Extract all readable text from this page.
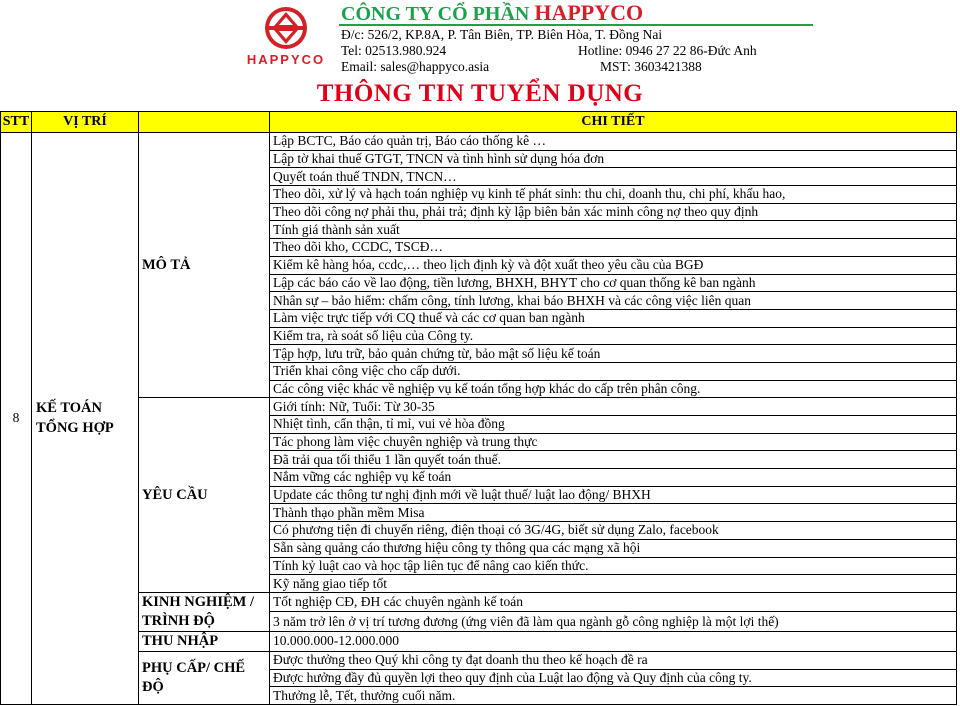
HAPPYCO
CÔNG TY CỔ PHẦN HAPPYCO
Đ/c: 526/2, KP.8A, P. Tân Biên, TP. Biên Hòa, T. Đồng Nai
Tel: 02513.980.924	Hotline: 0946 27 22 86-Đức Anh
Email: sales@happyco.asia	MST: 3603421388
THÔNG TIN TUYỂN DỤNG
STT	VỊ TRÍ		CHI TIẾT
8	KẾ TOÁN TỔNG HỢP	MÔ TẢ	Lập BCTC, Báo cáo quản trị, Báo cáo thống kê …
			Lập tờ khai thuế GTGT, TNCN và tình hình sử dụng hóa đơn
			Quyết toán thuế TNDN, TNCN…
			Theo dõi, xử lý và hạch toán nghiệp vụ kinh tế phát sinh: thu chi, doanh thu, chi phí, khấu hao,
			Theo dõi công nợ phải thu, phải trả; định kỳ lập biên bản xác minh công nợ theo quy định
			Tính giá thành sản xuất
			Theo dõi kho, CCDC, TSCĐ…
			Kiểm kê hàng hóa, ccdc,… theo lịch định kỳ và đột xuất theo yêu cầu của BGĐ
			Lập các báo cáo về lao động, tiền lương, BHXH, BHYT cho cơ quan thống kê ban ngành
			Nhân sự – bảo hiểm: chấm công, tính lương, khai báo BHXH và các công việc liên quan
			Làm việc trực tiếp với CQ thuế và các cơ quan ban ngành
			Kiểm tra, rà soát số liệu của Công ty.
			Tập hợp, lưu trữ, bảo quản chứng từ, bảo mật số liệu kế toán
			Triển khai công việc cho cấp dưới.
			Các công việc khác về nghiệp vụ kế toán tổng hợp khác do cấp trên phân công.
		YÊU CẦU	Giới tính: Nữ, Tuổi: Từ 30-35
			Nhiệt tình, cẩn thận, tỉ mỉ, vui vẻ hòa đồng
			Tác phong làm việc chuyên nghiệp và trung thực
			Đã trải qua tối thiểu 1 lần quyết toán thuế.
			Nắm vững các nghiệp vụ kế toán
			Update các thông tư nghị định mới về luật thuế/ luật lao động/ BHXH
			Thành thạo phần mềm Misa
			Có phương tiện đi chuyển riêng, điện thoại có 3G/4G, biết sử dụng Zalo, facebook
			Sẵn sàng quảng cáo thương hiệu công ty thông qua các mạng xã hội
			Tính kỷ luật cao và học tập liên tục để nâng cao kiến thức.
			Kỹ năng giao tiếp tốt
		KINH NGHIỆM / TRÌNH ĐỘ	Tốt nghiệp CĐ, ĐH các chuyên ngành kế toán
			3 năm trở lên ở vị trí tương đương (ứng viên đã làm qua ngành gỗ công nghiệp là một lợi thế)
		THU NHẬP	10.000.000-12.000.000
		PHỤ CẤP/ CHẾ ĐỘ	Được thưởng theo Quý khi công ty đạt doanh thu theo kế hoạch đề ra
			Được hưởng đầy đủ quyền lợi theo quy định của Luật lao động và Quy định của công ty.
			Thưởng lễ, Tết, thưởng cuối năm.
